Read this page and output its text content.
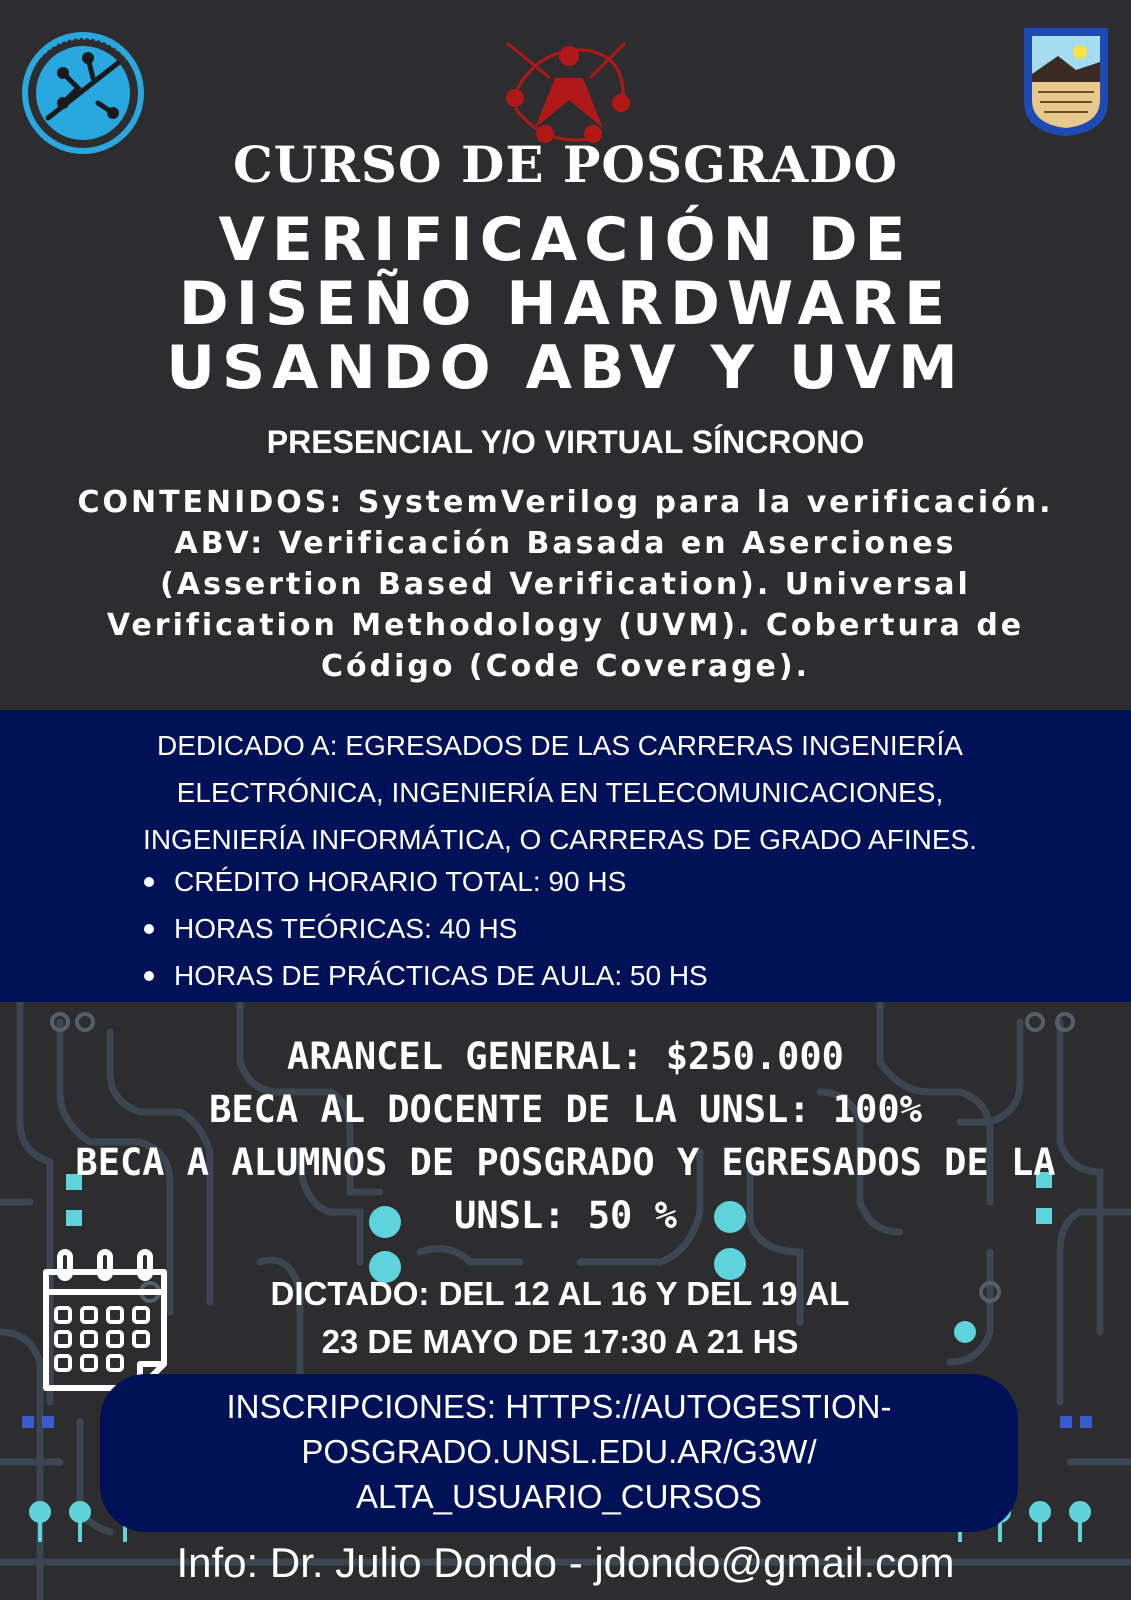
CURSO DE POSGRADO
VERIFICACIÓN DE
DISEÑO HARDWARE
USANDO ABV Y UVM
PRESENCIAL Y/O VIRTUAL SÍNCRONO
CONTENIDOS: SystemVerilog para la verificación.
ABV: Verificación Basada en Aserciones
(Assertion Based Verification). Universal
Verification Methodology (UVM). Cobertura de
Código (Code Coverage).
DEDICADO A: EGRESADOS DE LAS CARRERAS INGENIERÍA
ELECTRÓNICA, INGENIERÍA EN TELECOMUNICACIONES,
INGENIERÍA INFORMÁTICA, O CARRERAS DE GRADO AFINES.
CRÉDITO HORARIO TOTAL: 90 HS
HORAS TEÓRICAS: 40 HS
HORAS DE PRÁCTICAS DE AULA: 50 HS
ARANCEL GENERAL: $250.000
BECA AL DOCENTE DE LA UNSL: 100%
BECA A ALUMNOS DE POSGRADO Y EGRESADOS DE LA
UNSL: 50 %
DICTADO: DEL 12 AL 16 Y DEL 19 AL
23 DE MAYO DE 17:30 A 21 HS
INSCRIPCIONES: HTTPS://AUTOGESTION-
POSGRADO.UNSL.EDU.AR/G3W/
ALTA_USUARIO_CURSOS
Info: Dr. Julio Dondo - jdondo@gmail.com
